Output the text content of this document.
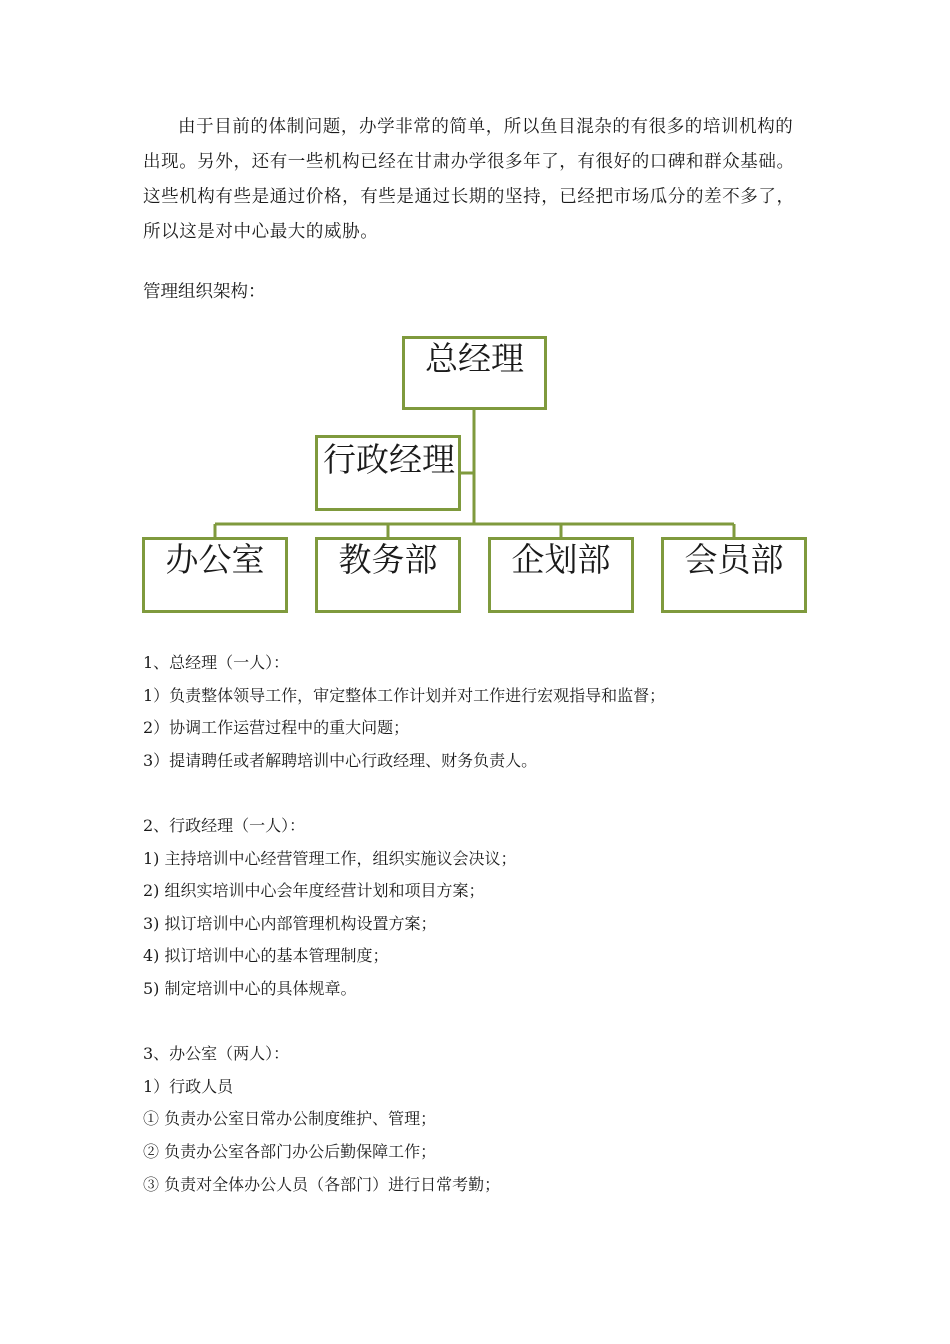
由于目前的体制问题，办学非常的简单，所以鱼目混杂的有很多的培训机构的出现。另外，还有一些机构已经在甘肃办学很多年了，有很好的口碑和群众基础。这些机构有些是通过价格，有些是通过长期的坚持，已经把市场瓜分的差不多了，所以这是对中心最大的威胁。

管理组织架构：

总经理
行政经理
办公室	教务部	企划部	会员部
1、总经理（一人）：
1）负责整体领导工作，审定整体工作计划并对工作进行宏观指导和监督；
2）协调工作运营过程中的重大问题；
3）提请聘任或者解聘培训中心行政经理、财务负责人。
2、行政经理（一人）：
1) 主持培训中心经营管理工作，组织实施议会决议；
2) 组织实培训中心会年度经营计划和项目方案；
3) 拟订培训中心内部管理机构设置方案；
4) 拟订培训中心的基本管理制度；
5) 制定培训中心的具体规章。
3、办公室（两人）：
1）行政人员
① 负责办公室日常办公制度维护、管理；
② 负责办公室各部门办公后勤保障工作；
③ 负责对全体办公人员（各部门）进行日常考勤；
